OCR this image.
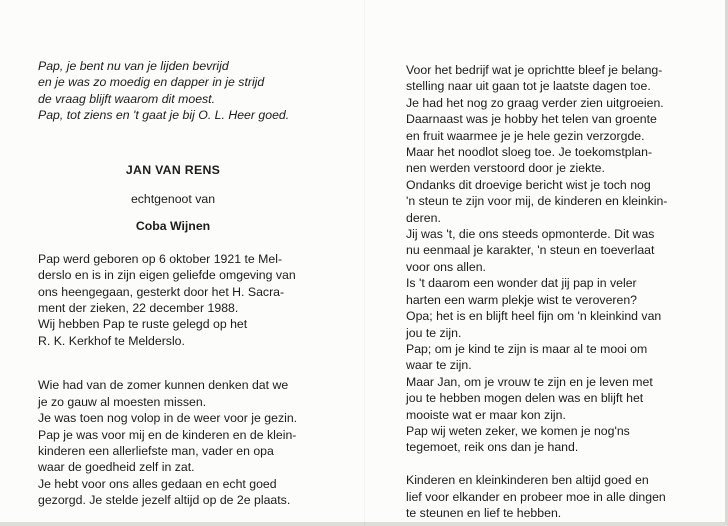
Pap, je bent nu van je lijden bevrijd
en je was zo moedig en dapper in je strijd
de vraag blijft waarom dit moest.
Pap, tot ziens en 't gaat je bij O. L. Heer goed.
JAN VAN RENS
echtgenoot van
Coba Wijnen
Pap werd geboren op 6 oktober 1921 te Mel-
derslo en is in zijn eigen geliefde omgeving van
ons heengegaan, gesterkt door het H. Sacra-
ment der zieken, 22 december 1988.
Wij hebben Pap te ruste gelegd op het
R. K. Kerkhof te Melderslo.
Wie had van de zomer kunnen denken dat we
je zo gauw al moesten missen.
Je was toen nog volop in de weer voor je gezin.
Pap je was voor mij en de kinderen en de klein-
kinderen een allerliefste man, vader en opa
waar de goedheid zelf in zat.
Je hebt voor ons alles gedaan en echt goed
gezorgd. Je stelde jezelf altijd op de 2e plaats.
Voor het bedrijf wat je oprichtte bleef je belang-
stelling naar uit gaan tot je laatste dagen toe.
Je had het nog zo graag verder zien uitgroeien.
Daarnaast was je hobby het telen van groente
en fruit waarmee je je hele gezin verzorgde.
Maar het noodlot sloeg toe. Je toekomstplan-
nen werden verstoord door je ziekte.
Ondanks dit droevige bericht wist je toch nog
'n steun te zijn voor mij, de kinderen en kleinkin-
deren.
Jij was 't, die ons steeds opmonterde. Dit was
nu eenmaal je karakter, 'n steun en toeverlaat
voor ons allen.
Is 't daarom een wonder dat jij pap in veler
harten een warm plekje wist te veroveren?
Opa; het is en blijft heel fijn om 'n kleinkind van
jou te zijn.
Pap; om je kind te zijn is maar al te mooi om
waar te zijn.
Maar Jan, om je vrouw te zijn en je leven met
jou te hebben mogen delen was en blijft het
mooiste wat er maar kon zijn.
Pap wij weten zeker, we komen je nog'ns
tegemoet, reik ons dan je hand.
Kinderen en kleinkinderen ben altijd goed en
lief voor elkander en probeer moe in alle dingen
te steunen en lief te hebben.
